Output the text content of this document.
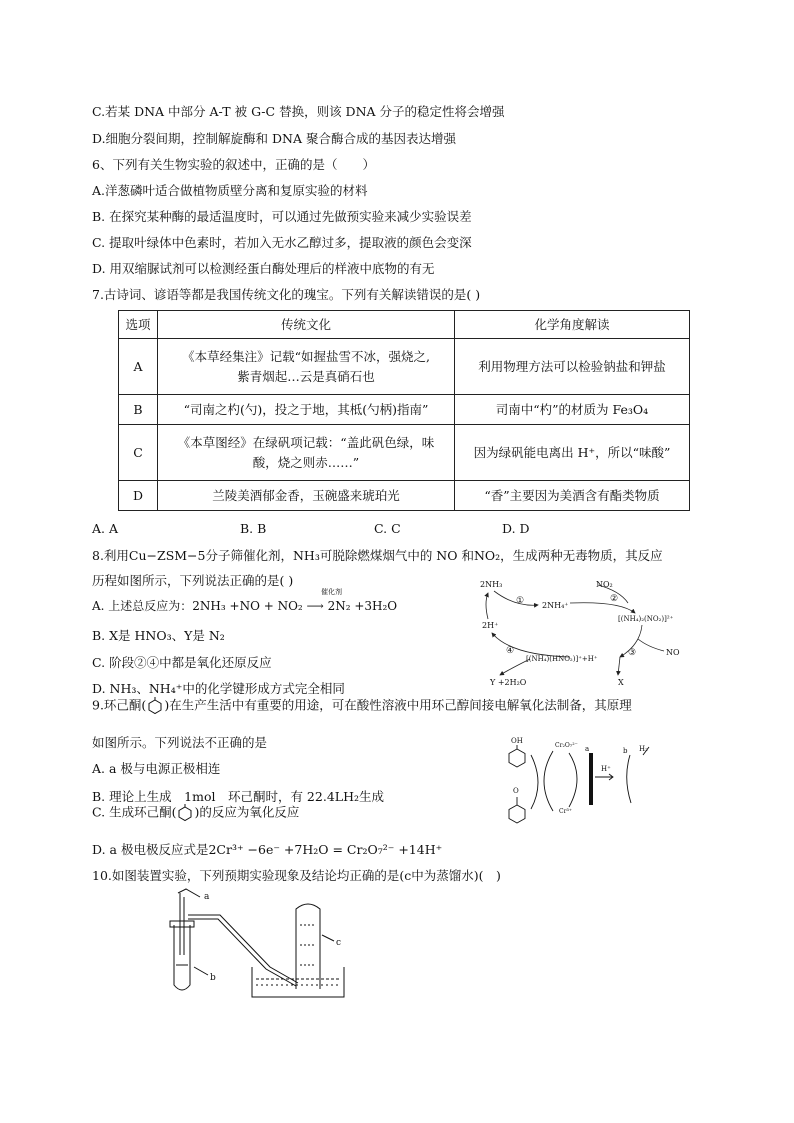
C.若某 DNA 中部分 A-T 被 G-C 替换，则该 DNA 分子的稳定性将会增强
D.细胞分裂间期，控制解旋酶和 DNA 聚合酶合成的基因表达增强
6、下列有关生物实验的叙述中，正确的是（　　）
A.洋葱磷叶适合做植物质壁分离和复原实验的材料
B. 在探究某种酶的最适温度时，可以通过先做预实验来减少实验误差
C. 提取叶绿体中色素时，若加入无水乙醇过多，提取液的颜色会变深
D. 用双缩脲试剂可以检测经蛋白酶处理后的样液中底物的有无
7.古诗词、谚语等都是我国传统文化的瑰宝。下列有关解读错误的是( )
选项	传统文化	化学角度解读
A	《本草经集注》记载“如握盐雪不冰，强烧之,
紫青烟起…云是真硝石也	利用物理方法可以检验钠盐和钾盐
B	“司南之杓(勺)，投之于地，其柢(勺柄)指南”	司南中“杓”的材质为 Fe₃O₄
C	《本草图经》在绿矾项记载：“盖此矾色绿，味
酸，烧之则赤……”	因为绿矾能电离出 H⁺，所以“味酸”
D	兰陵美酒郁金香，玉碗盛来琥珀光	“香”主要因为美酒含有酯类物质
A. A	B. B	C. C	D. D
8.利用Cu−ZSM−5分子筛催化剂，NH₃可脱除燃煤烟气中的 NO 和NO₂，生成两种无毒物质，其反应
历程如图所示，下列说法正确的是( )
A. 上述总反应为：2NH₃ +NO + NO₂ ⟶ 2N₂ +3H₂O
催化剂
B. X是 HNO₃、Y是 N₂
C. 阶段②④中都是氧化还原反应
D. NH₃、NH₄⁺中的化学键形成方式完全相同
2NH₃
2NH₄⁺
NO₂
[(NH₄)₂(NO₂)]²⁺
2H⁺
NO
[(NH₄)(HNO₂)]⁺+H⁺
Y +2H₂O	X
①	②
③
④
9.环己酮( )在生产生活中有重要的用途，可在酸性溶液中用环己醇间接电解氧化法制备，其原理
如图所示。下列说法不正确的是
A. a 极与电源正极相连
B. 理论上生成　1mol　环己酮时，有 22.4LH₂生成
C. 生成环己酮( )的反应为氧化反应
D. a 极电极反应式是2Cr³⁺ −6e⁻ +7H₂O = Cr₂O₇²⁻ +14H⁺
OH
O
Cr₂O₇²⁻
Cr³⁺
a	b
H⁺
H₂
10.如图装置实验，下列预期实验现象及结论均正确的是(c中为蒸馏水)(　)
a
b
c
